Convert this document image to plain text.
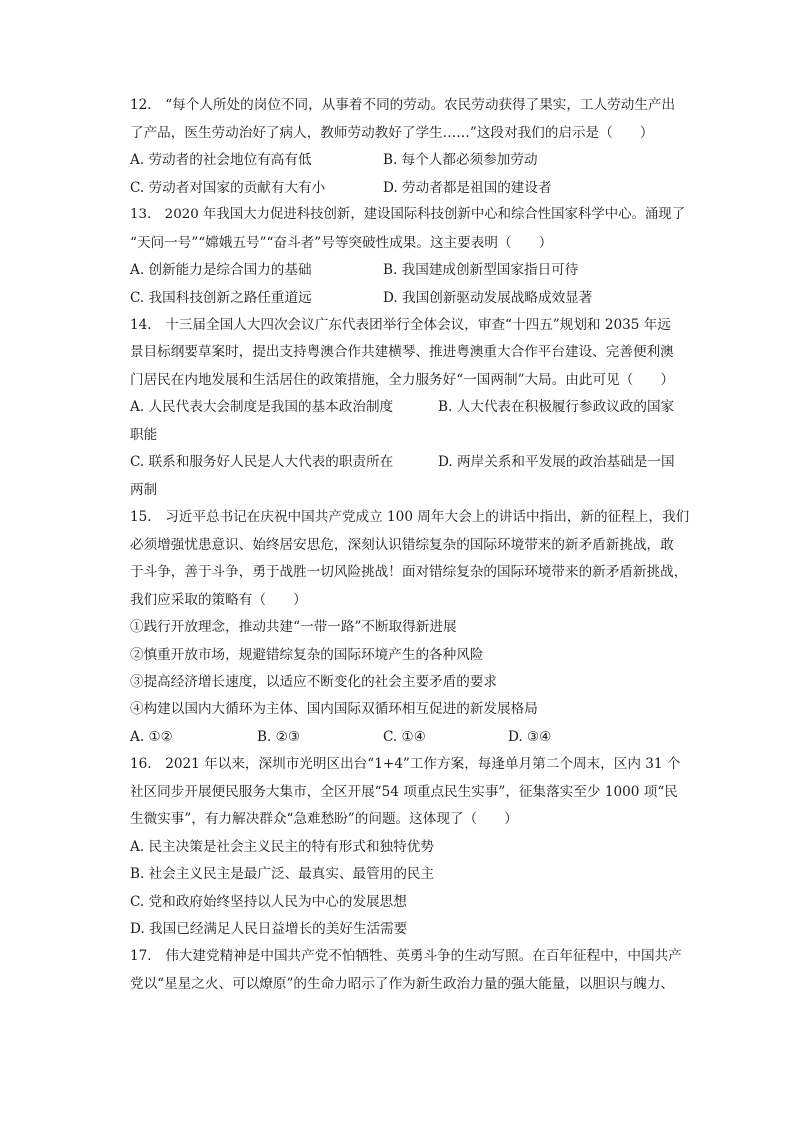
12.　“每个人所处的岗位不同，从事着不同的劳动。农民劳动获得了果实，工人劳动生产出
了产品，医生劳动治好了病人，教师劳动教好了学生……”这段对我们的启示是（　　）
A. 劳动者的社会地位有高有低	B. 每个人都必须参加劳动
C. 劳动者对国家的贡献有大有小	D. 劳动者都是祖国的建设者
13.　2020 年我国大力促进科技创新，建设国际科技创新中心和综合性国家科学中心。涌现了
“天问一号”“嫦娥五号”“奋斗者”号等突破性成果。这主要表明（　　）
A. 创新能力是综合国力的基础	B. 我国建成创新型国家指日可待
C. 我国科技创新之路任重道远	D. 我国创新驱动发展战略成效显著
14.　十三届全国人大四次会议广东代表团举行全体会议，审查“十四五”规划和 2035 年远
景目标纲要草案时，提出支持粤澳合作共建横琴、推进粤澳重大合作平台建设、完善便利澳
门居民在内地发展和生活居住的政策措施，全力服务好“一国两制”大局。由此可见（　　）
A. 人民代表大会制度是我国的基本政治制度	B. 人大代表在积极履行参政议政的国家
职能
C. 联系和服务好人民是人大代表的职责所在	D. 两岸关系和平发展的政治基础是一国
两制
15.　习近平总书记在庆祝中国共产党成立 100 周年大会上的讲话中指出，新的征程上，我们
必须增强忧患意识、始终居安思危，深刻认识错综复杂的国际环境带来的新矛盾新挑战，敢
于斗争，善于斗争，勇于战胜一切风险挑战！面对错综复杂的国际环境带来的新矛盾新挑战，
我们应采取的策略有（　　）
①践行开放理念，推动共建“一带一路”不断取得新进展
②慎重开放市场，规避错综复杂的国际环境产生的各种风险
③提高经济增长速度，以适应不断变化的社会主要矛盾的要求
④构建以国内大循环为主体、国内国际双循环相互促进的新发展格局
A. ①②	B. ②③	C. ①④	D. ③④
16.　2021 年以来，深圳市光明区出台“1+4”工作方案，每逢单月第二个周末，区内 31 个
社区同步开展便民服务大集市，全区开展“54 项重点民生实事”，征集落实至少 1000 项“民
生微实事”，有力解决群众“急难愁盼”的问题。这体现了（　　）
A. 民主决策是社会主义民主的特有形式和独特优势
B. 社会主义民主是最广泛、最真实、最管用的民主
C. 党和政府始终坚持以人民为中心的发展思想
D. 我国已经满足人民日益增长的美好生活需要
17.　伟大建党精神是中国共产党不怕牺牲、英勇斗争的生动写照。在百年征程中，中国共产
党以“星星之火、可以燎原”的生命力昭示了作为新生政治力量的强大能量，以胆识与魄力、
